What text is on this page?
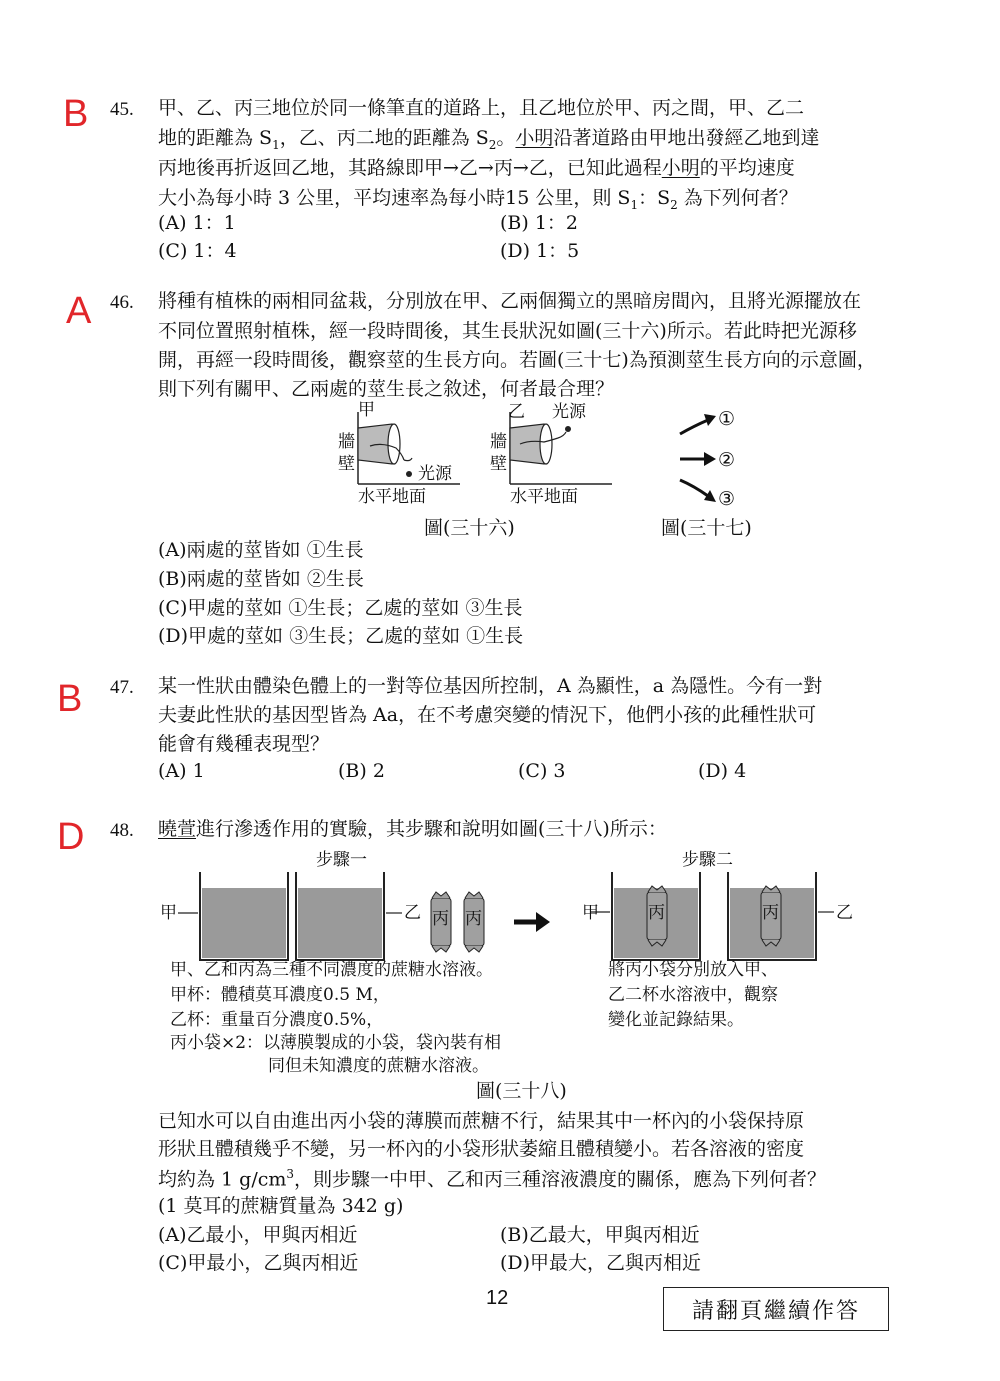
B 45. 甲、乙、丙三地位於同一條筆直的道路上，且乙地位於甲、丙之間，甲、乙二
地的距離為 $S_1$，乙、丙二地的距離為 $S_2$。小明沿著道路由甲地出發經乙地到達
丙地後再折返回乙地，其路線即甲→乙→丙→乙，已知此過程小明的平均速度
大小為每小時 3 公里，平均速率為每小時15 公里，則 $S_1$：$S_2$ 為下列何者？
(A) 1：1	(B) 1：2
(C) 1：4	(D) 1：5
A 46. 將種有植株的兩相同盆栽，分別放在甲、乙兩個獨立的黑暗房間內，且將光源擺放在
不同位置照射植株，經一段時間後，其生長狀況如圖(三十六)所示。若此時把光源移
開，再經一段時間後，觀察莖的生長方向。若圖(三十七)為預測莖生長方向的示意圖，
則下列有關甲、乙兩處的莖生長之敘述，何者最合理？
甲
牆
壁	光源
水平地面
乙 光源
牆
壁
水平地面
圖(三十六)
①
②
③
圖(三十七)
(A)兩處的莖皆如 ①生長
(B)兩處的莖皆如 ②生長
(C)甲處的莖如 ①生長；乙處的莖如 ③生長
(D)甲處的莖如 ③生長；乙處的莖如 ①生長
B 47. 某一性狀由體染色體上的一對等位基因所控制，A 為顯性，a 為隱性。今有一對
夫妻此性狀的基因型皆為 Aa，在不考慮突變的情況下，他們小孩的此種性狀可
能會有幾種表現型？
(A) 1	(B) 2	(C) 3	(D) 4
D 48. 曉萱進行滲透作用的實驗，其步驟和說明如圖(三十八)所示：
步驟一	步驟二
甲	乙 丙 丙	甲	丙	丙	乙
甲、乙和丙為三種不同濃度的蔗糖水溶液。
甲杯：體積莫耳濃度0.5 M，
乙杯：重量百分濃度0.5%，
丙小袋×2：以薄膜製成的小袋，袋內裝有相
同但未知濃度的蔗糖水溶液。
將丙小袋分別放入甲、
乙二杯水溶液中，觀察
變化並記錄結果。
圖(三十八)
已知水可以自由進出丙小袋的薄膜而蔗糖不行，結果其中一杯內的小袋保持原
形狀且體積幾乎不變，另一杯內的小袋形狀萎縮且體積變小。若各溶液的密度
均約為 1 $g/cm^3$，則步驟一中甲、乙和丙三種溶液濃度的關係，應為下列何者？
(1 莫耳的蔗糖質量為 342 g)
(A)乙最小，甲與丙相近	(B)乙最大，甲與丙相近
(C)甲最小，乙與丙相近	(D)甲最大，乙與丙相近
12
請翻頁繼續作答
